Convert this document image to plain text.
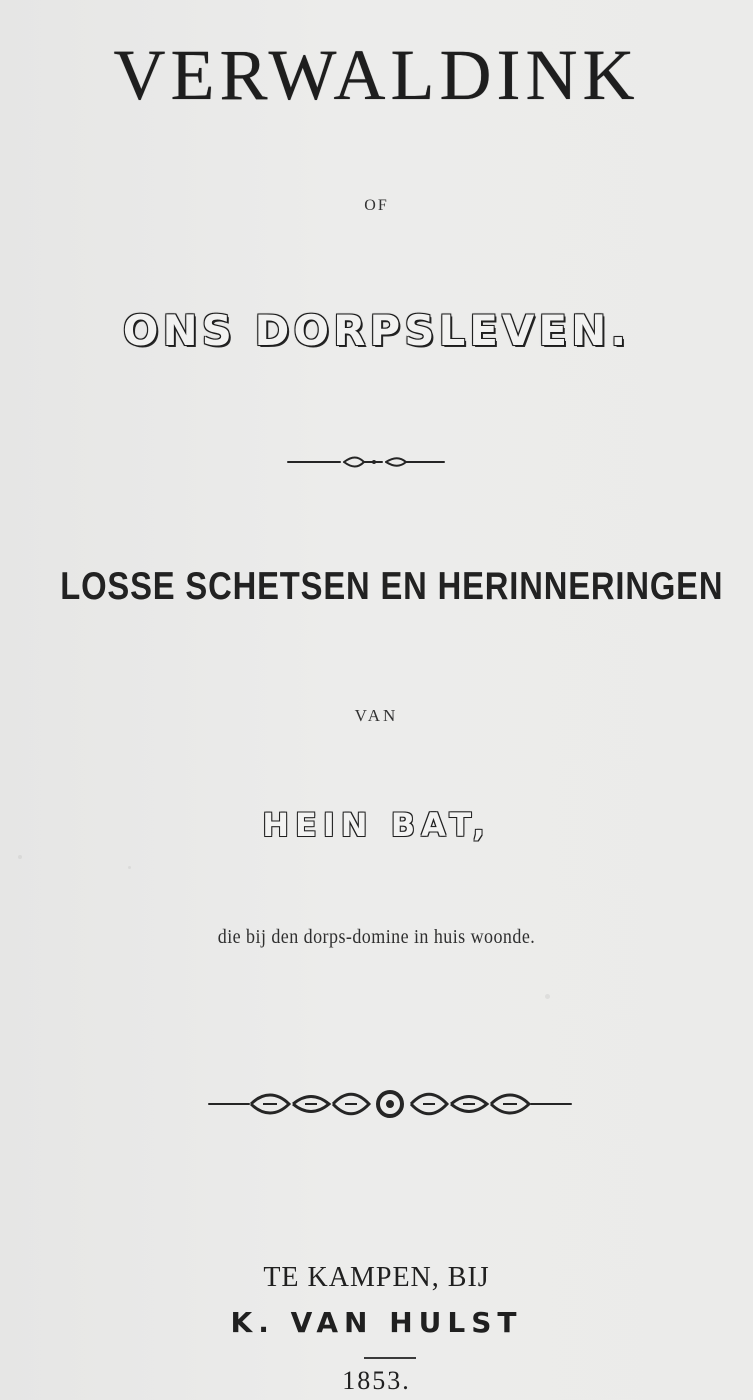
VERWALDINK
OF
ONS DORPSLEVEN.
LOSSE SCHETSEN EN HERINNERINGEN
VAN
HEIN BAT,
die bij den dorps-domine in huis woonde.
TE KAMPEN, BIJ
K. VAN HULST
1853.
